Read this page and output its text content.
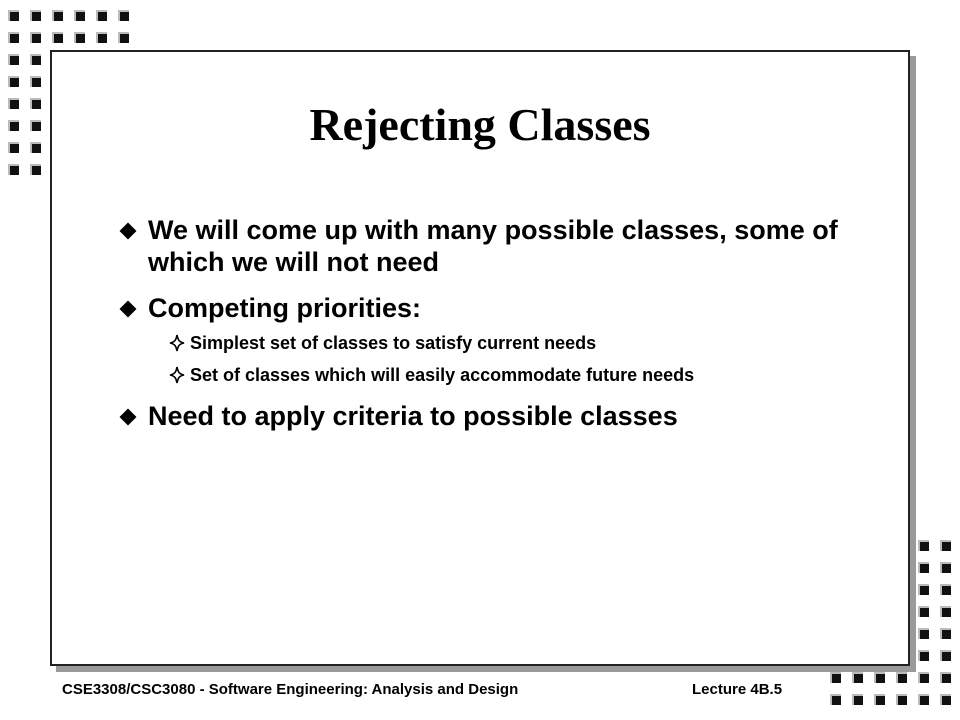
Rejecting Classes
We will come up with many possible classes, some of which we will not need
Competing priorities:
Simplest set of classes to satisfy current needs
Set of classes which will easily accommodate future needs
Need to apply criteria to possible classes
CSE3308/CSC3080 - Software Engineering: Analysis and Design	Lecture 4B.5
